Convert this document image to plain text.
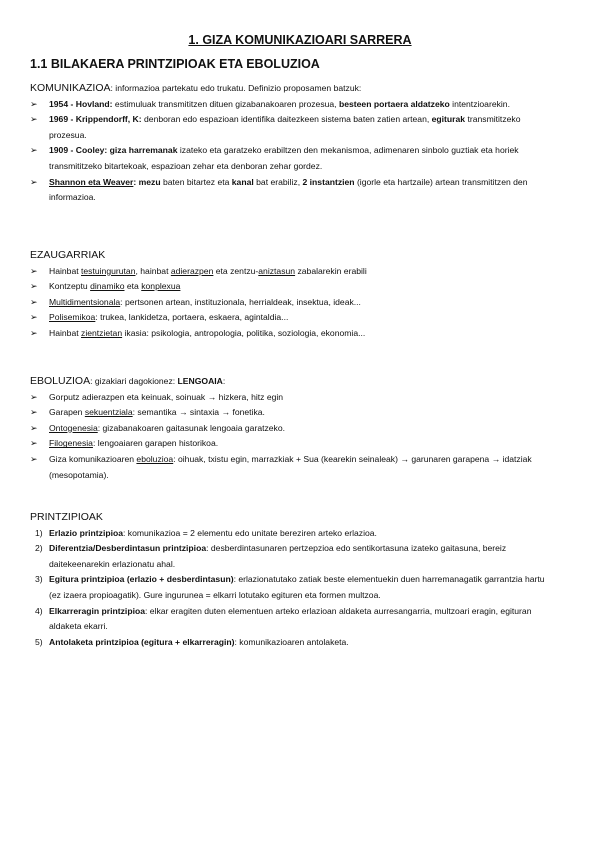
1. GIZA KOMUNIKAZIOARI SARRERA
1.1 BILAKAERA PRINTZIPIOAK ETA EBOLUZIOA
KOMUNIKAZIOA: informazioa partekatu edo trukatu. Definizio proposamen batzuk:
➢ 1954 - Hovland: estimuluak transmititzen dituen gizabanakoaren prozesua, besteen portaera aldatzeko intentzioarekin.
➢ 1969 - Krippendorff, K: denboran edo espazioan identifika daitezkeen sistema baten zatien artean, egiturak transmititzeko prozesua.
➢ 1909 - Cooley: giza harremanak izateko eta garatzeko erabiltzen den mekanismoa, adimenaren sinbolo guztiak eta horiek transmititzeko bitartekoak, espazioan zehar eta denboran zehar gordez.
➢ Shannon eta Weaver: mezu baten bitartez eta kanal bat erabiliz, 2 instantzien (igorle eta hartzaile) artean transmititzen den informazioa.
EZAUGARRIAK
➢ Hainbat testuingurutan, hainbat adierazpen eta zentzu-aniztasun zabalarekin erabili
➢ Kontzeptu dinamiko eta konplexua
➢ Multidimentsionala: pertsonen artean, instituzionala, herrialdeak, insektua, ideak...
➢ Polisemikoa: trukea, lankidetza, portaera, eskaera, agintaldia...
➢ Hainbat zientzietan ikasia: psikologia, antropologia, politika, soziologia, ekonomia...
EBOLUZIOA: gizakiari dagokionez: LENGOAIA:
➢ Gorputz adierazpen eta keinuak, soinuak → hizkera, hitz egin
➢ Garapen sekuentziala: semantika → sintaxia → fonetika.
➢ Ontogenesia: gizabanakoaren gaitasunak lengoaia garatzeko.
➢ Filogenesia: lengoaiaren garapen historikoa.
➢ Giza komunikazioaren eboluzioa: oihuak, txistu egin, marrazkiak + Sua (kearekin seinaleak) → garunaren garapena → idatziak (mesopotamia).
PRINTZIPIOAK
1) Erlazio printzipioa: komunikazioa = 2 elementu edo unitate bereziren arteko erlazioa.
2) Diferentzia/Desberdintasun printzipioa: desberdintasunaren pertzepzioa edo sentikortasuna izateko gaitasuna, bereiz daitekeenarekin erlazionatu ahal.
3) Egitura printzipioa (erlazio + desberdintasun): erlazionatutako zatiak beste elementuekin duen harremanagatik garrantzia hartu (ez izaera propioagatik). Gure ingurunea = elkarri lotutako egituren eta formen multzoa.
4) Elkarreragin printzipioa: elkar eragiten duten elementuen arteko erlazioan aldaketa aurresangarria, multzoari eragin, egituran aldaketa ekarri.
5) Antolaketa printzipioa (egitura + elkarreragin): komunikazioaren antolaketa.
